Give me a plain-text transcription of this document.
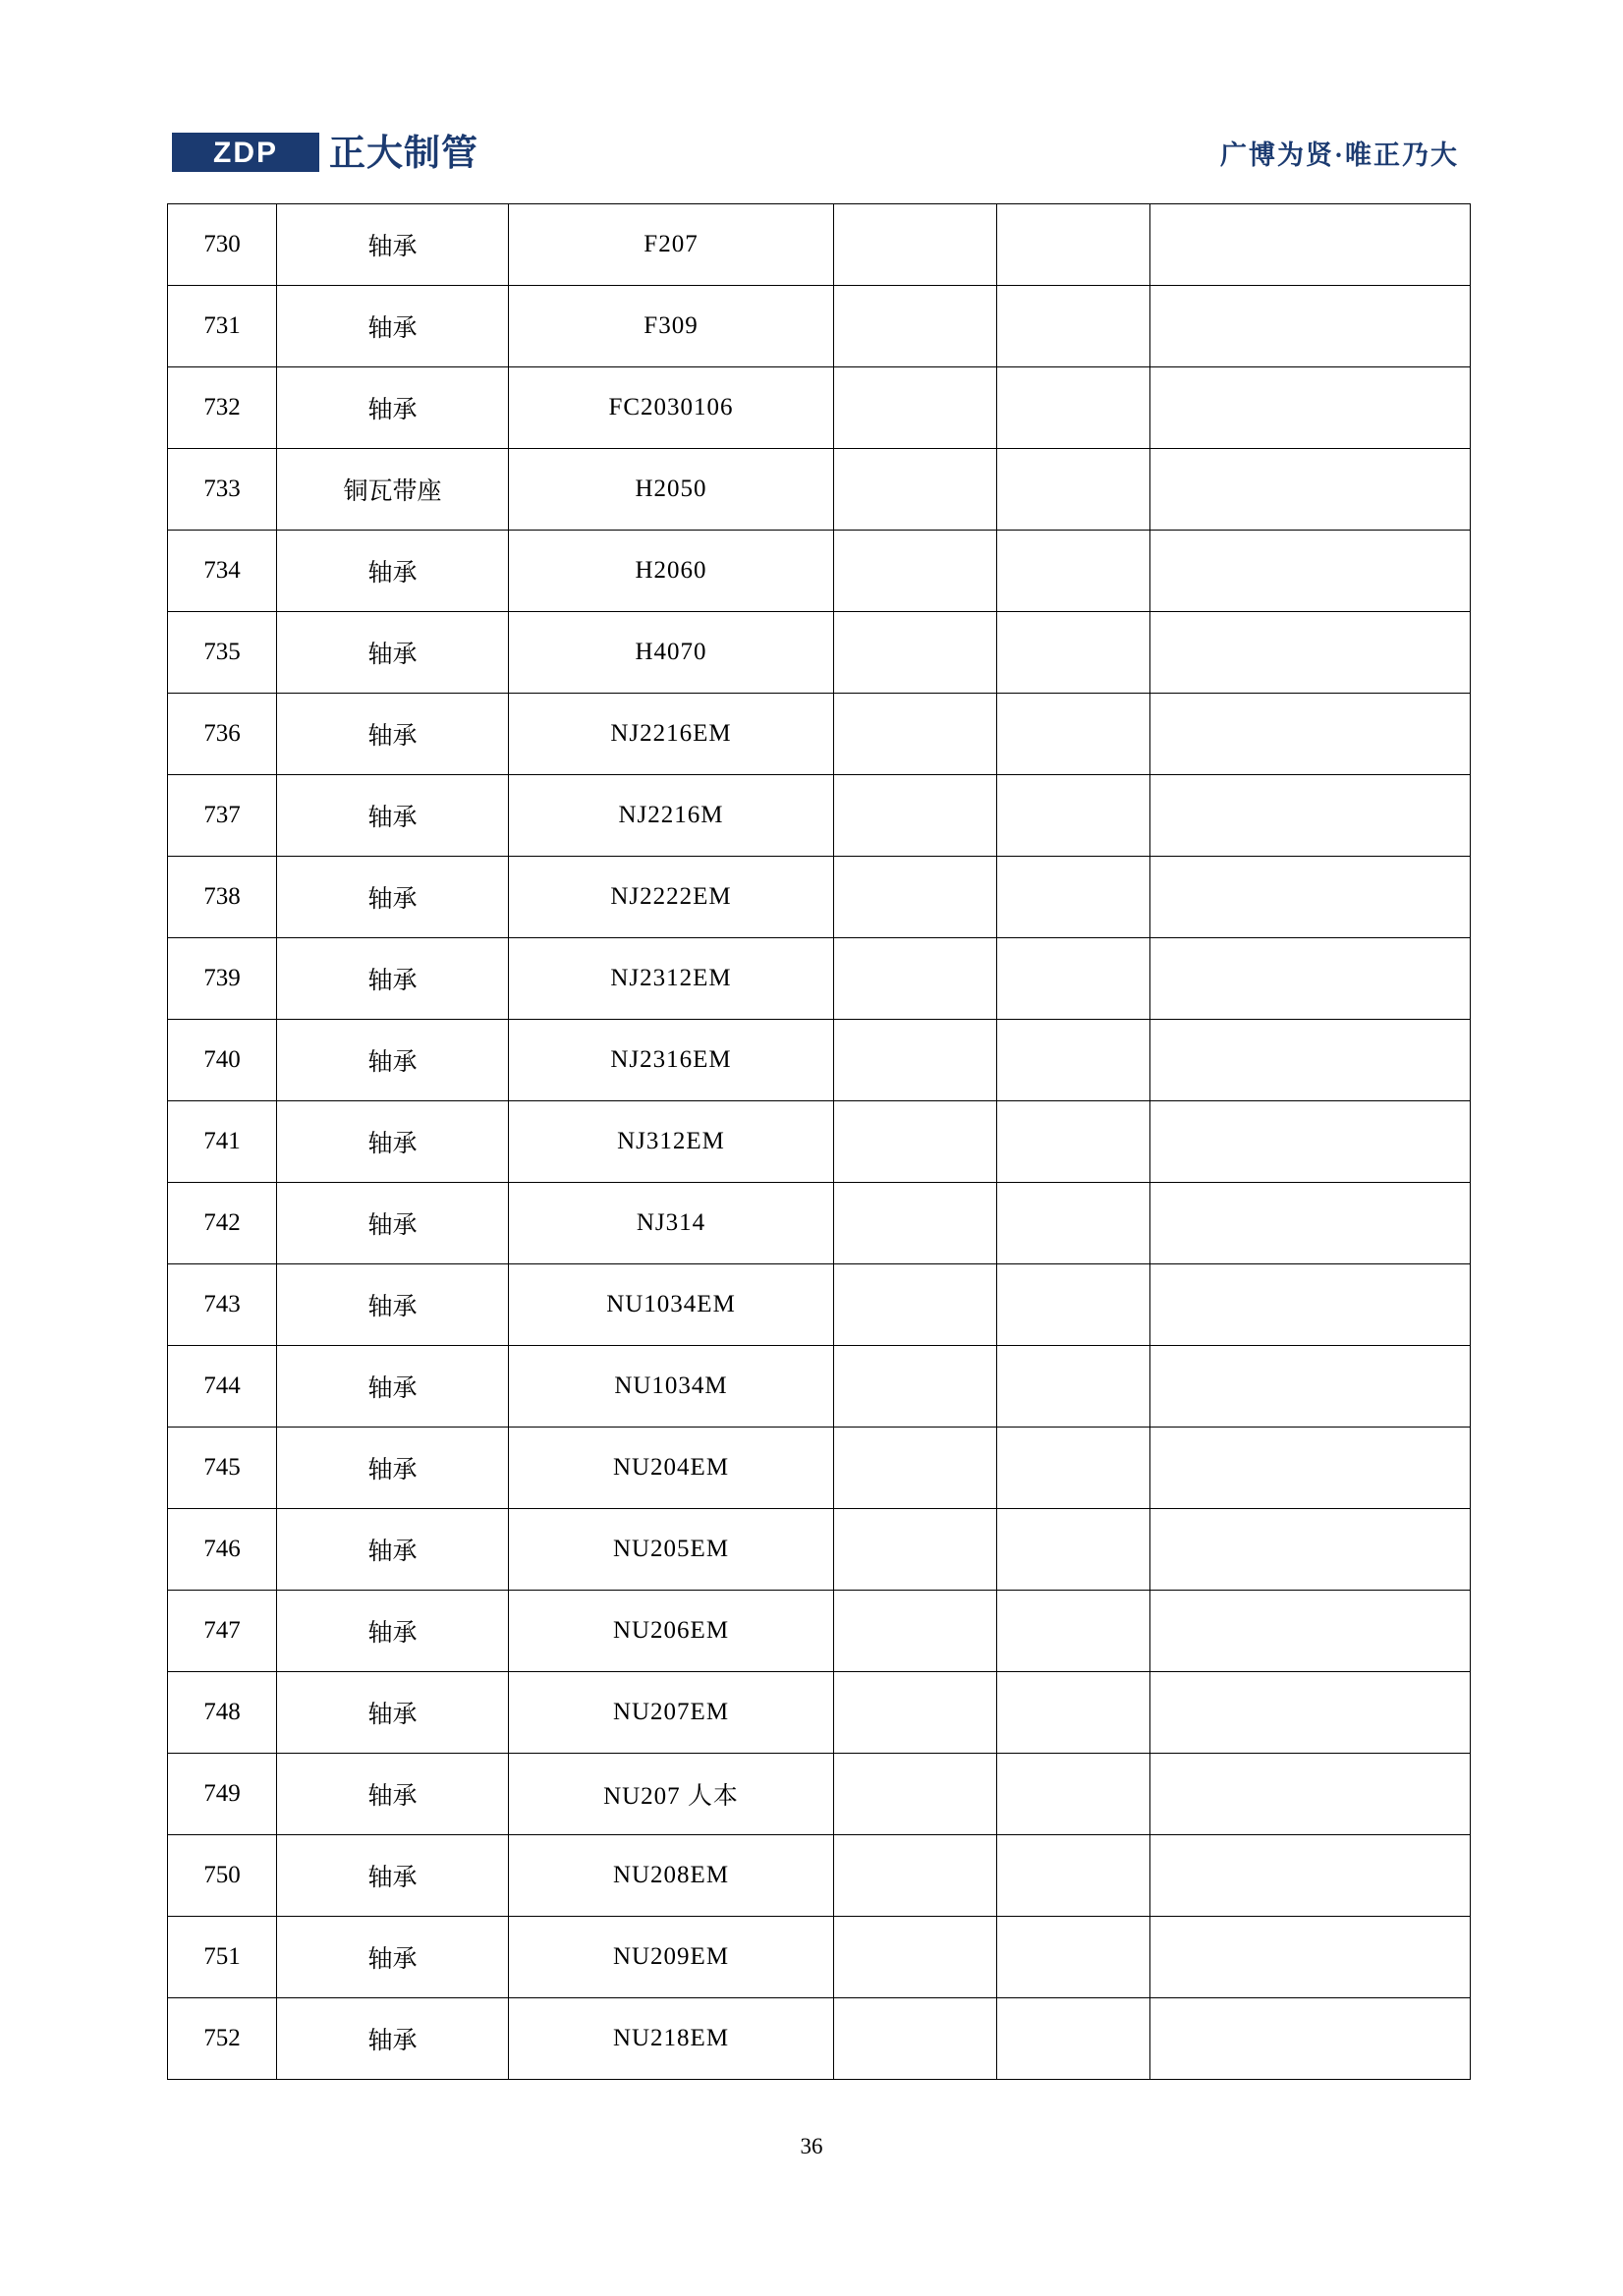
ZDP 正大制管	广博为贤·唯正乃大
730	轴承	F207			
731	轴承	F309			
732	轴承	FC2030106			
733	铜瓦带座	H2050			
734	轴承	H2060			
735	轴承	H4070			
736	轴承	NJ2216EM			
737	轴承	NJ2216M			
738	轴承	NJ2222EM			
739	轴承	NJ2312EM			
740	轴承	NJ2316EM			
741	轴承	NJ312EM			
742	轴承	NJ314			
743	轴承	NU1034EM			
744	轴承	NU1034M			
745	轴承	NU204EM			
746	轴承	NU205EM			
747	轴承	NU206EM			
748	轴承	NU207EM			
749	轴承	NU207 人本			
750	轴承	NU208EM			
751	轴承	NU209EM			
752	轴承	NU218EM			
36
